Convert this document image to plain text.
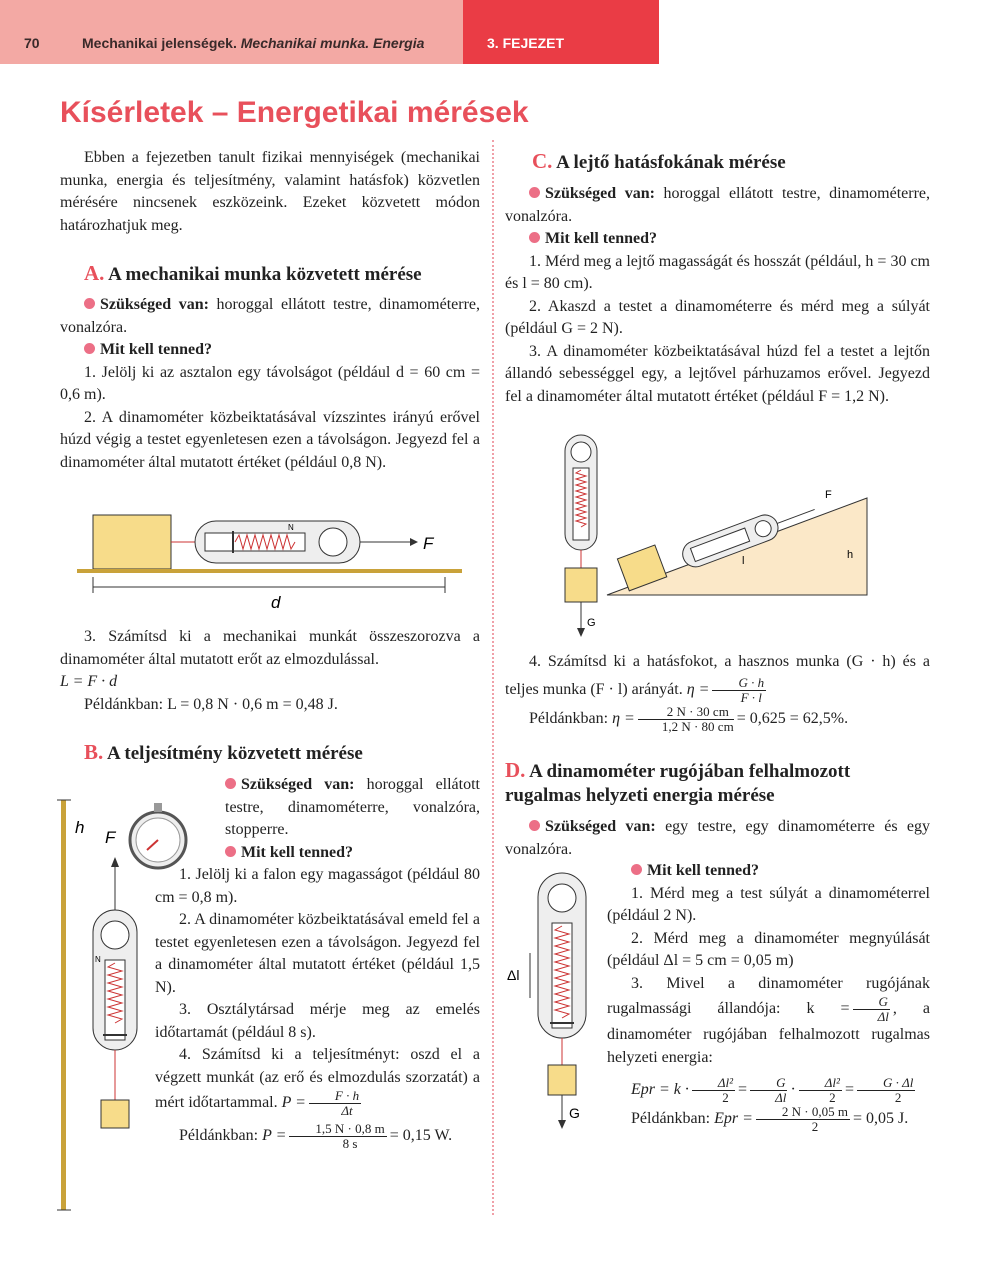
70	Mechanikai jelenségek. Mechanikai munka. Energia	3. FEJEZET
Kísérletek – Energetikai mérések

Ebben a fejezetben tanult fizikai mennyiségek (mechanikai munka, energia és teljesítmény, valamint hatásfok) közvetlen mérésére nincsenek eszközeink. Ezeket közvetett módon határozhatjuk meg.

A. A mechanikai munka közvetett mérése

Szükséged van: horoggal ellátott testre, dinamométerre, vonalzóra.

Mit kell tenned?

1. Jelölj ki az asztalon egy távolságot (például d = 60 cm = 0,6 m).

2. A dinamométer közbeiktatásával vízszintes irányú erővel húzd végig a testet egyenletesen ezen a távolságon. Jegyezd fel a dinamométer által mutatott értéket (például 0,8 N).

F
N
d

3. Számítsd ki a mechanikai munkát összeszorozva a dinamométer által mutatott erőt az elmozdulással.

L = F · d

Példánkban: L = 0,8 N · 0,6 m = 0,48 J.

B. A teljesítmény közvetett mérése

Szükséged van: horoggal ellátott testre, dinamométerre, vonalzóra, stopperre.

Mit kell tenned?

1. Jelölj ki a falon egy magasságot (például 80 cm = 0,8 m).

2. A dinamométer közbeiktatásával emeld fel a testet egyenletesen ezen a távolságon. Jegyezd fel a dinamométer által mutatott értéket (például 1,5 N).

3. Osztálytársad mérje meg az emelés időtartamát (például 8 s).

4. Számítsd ki a teljesítményt: oszd el a végzett munkát (az erő és elmozdulás szorzatát) a mért időtartammal. $P = \frac{F \cdot h}{\Delta t}$

Példánkban: $P = \frac{1,5 N \cdot 0,8 m}{8 s} = 0,15$ W.

h
F
N
C. A lejtő hatásfokának mérése

Szükséged van: horoggal ellátott testre, dinamométerre, vonalzóra.

Mit kell tenned?

1. Mérd meg a lejtő magasságát és hosszát (például, h = 30 cm és l = 80 cm).

2. Akaszd a testet a dinamométerre és mérd meg a súlyát (például G = 2 N).

3. A dinamométer közbeiktatásával húzd fel a testet a lejtőn állandó sebességgel egy, a lejtővel párhuzamos erővel. Jegyezd fel a dinamométer által mutatott értéket (például F = 1,2 N).

G
F
l	h

4. Számítsd ki a hatásfokot, a hasznos munka (G · h) és a teljes munka (F · l) arányát. $\eta = \frac{G \cdot h}{F \cdot l}$

Példánkban: $\eta = \frac{2 N \cdot 30 cm}{1,2 N \cdot 80 cm} = 0,625 = 62,5\%$.

D. A dinamométer rugójában felhalmozott rugalmas helyzeti energia mérése

Szükséged van: egy testre, egy dinamométerre és egy vonalzóra.

Mit kell tenned?

1. Mérd meg a test súlyát a dinamométerrel (például 2 N).

2. Mérd meg a dinamométer megnyúlását (például Δl = 5 cm = 0,05 m)

3. Mivel a dinamométer rugójának rugalmassági állandója: $k = \frac{G}{\Delta l}$ , a dinamométer rugójában felhalmozott rugalmas helyzeti energia:

Epr = $k \cdot \frac{\text{Δl²}}{2} = \frac{G}{\Delta l} \cdot \frac{\text{Δl²}}{2} = \frac{G \cdot \Delta l}{2}$

Példánkban: Epr = $\frac{2 N \cdot 0,05 m}{2} = 0,05$ J.

Δl
G
